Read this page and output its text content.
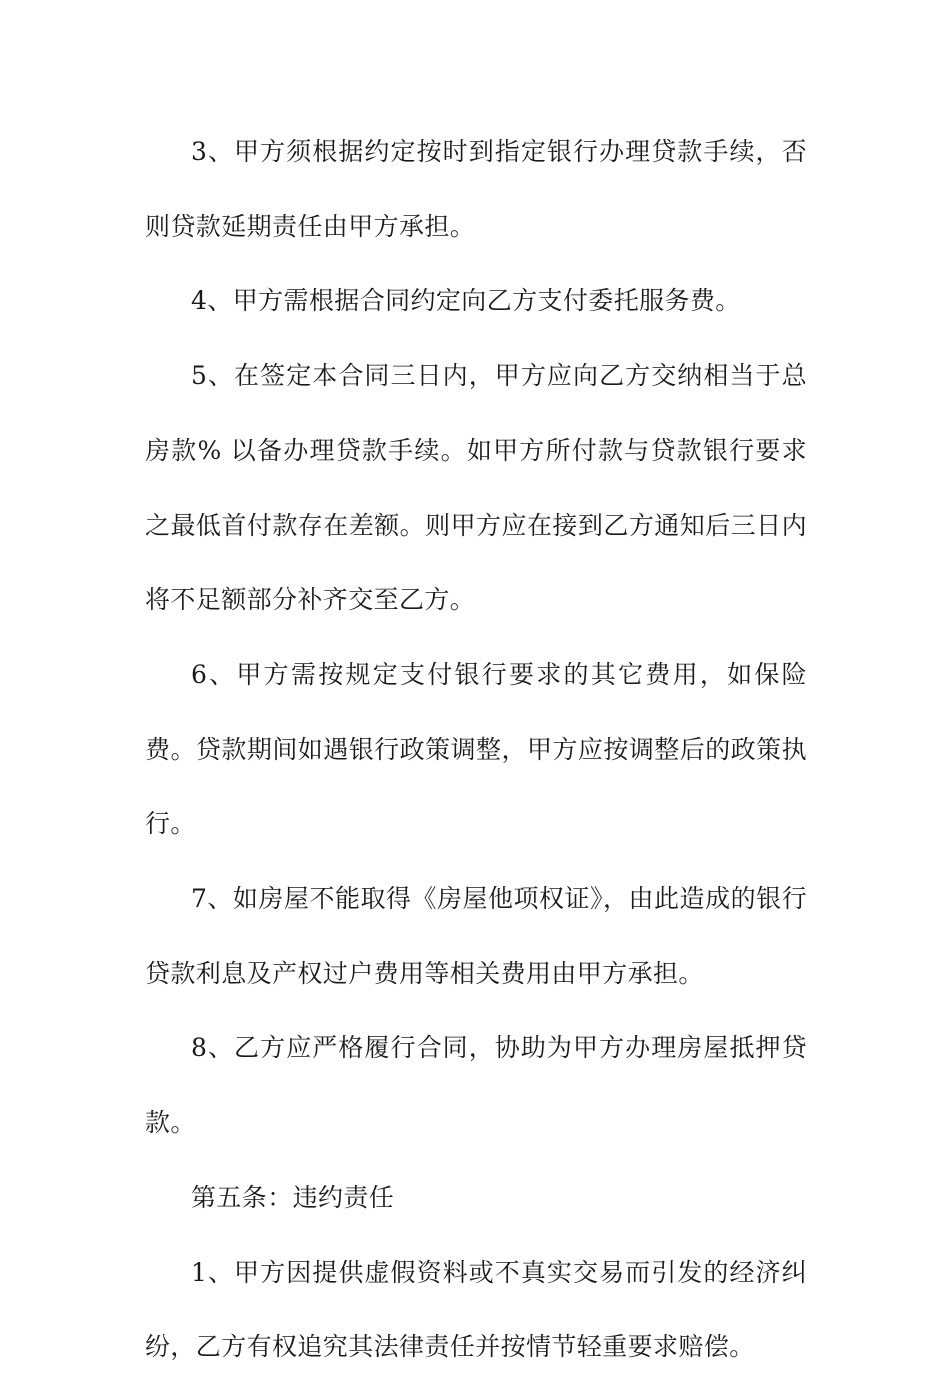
3、甲方须根据约定按时到指定银行办理贷款手续，否则贷款延期责任由甲方承担。

4、甲方需根据合同约定向乙方支付委托服务费。

5、在签定本合同三日内，甲方应向乙方交纳相当于总房款% 以备办理贷款手续。如甲方所付款与贷款银行要求之最低首付款存在差额。则甲方应在接到乙方通知后三日内将不足额部分补齐交至乙方。

6、甲方需按规定支付银行要求的其它费用，如保险费。贷款期间如遇银行政策调整，甲方应按调整后的政策执行。

7、如房屋不能取得《房屋他项权证》，由此造成的银行贷款利息及产权过户费用等相关费用由甲方承担。

8、乙方应严格履行合同，协助为甲方办理房屋抵押贷款。

第五条：违约责任

1、甲方因提供虚假资料或不真实交易而引发的经济纠纷，乙方有权追究其法律责任并按情节轻重要求赔偿。
